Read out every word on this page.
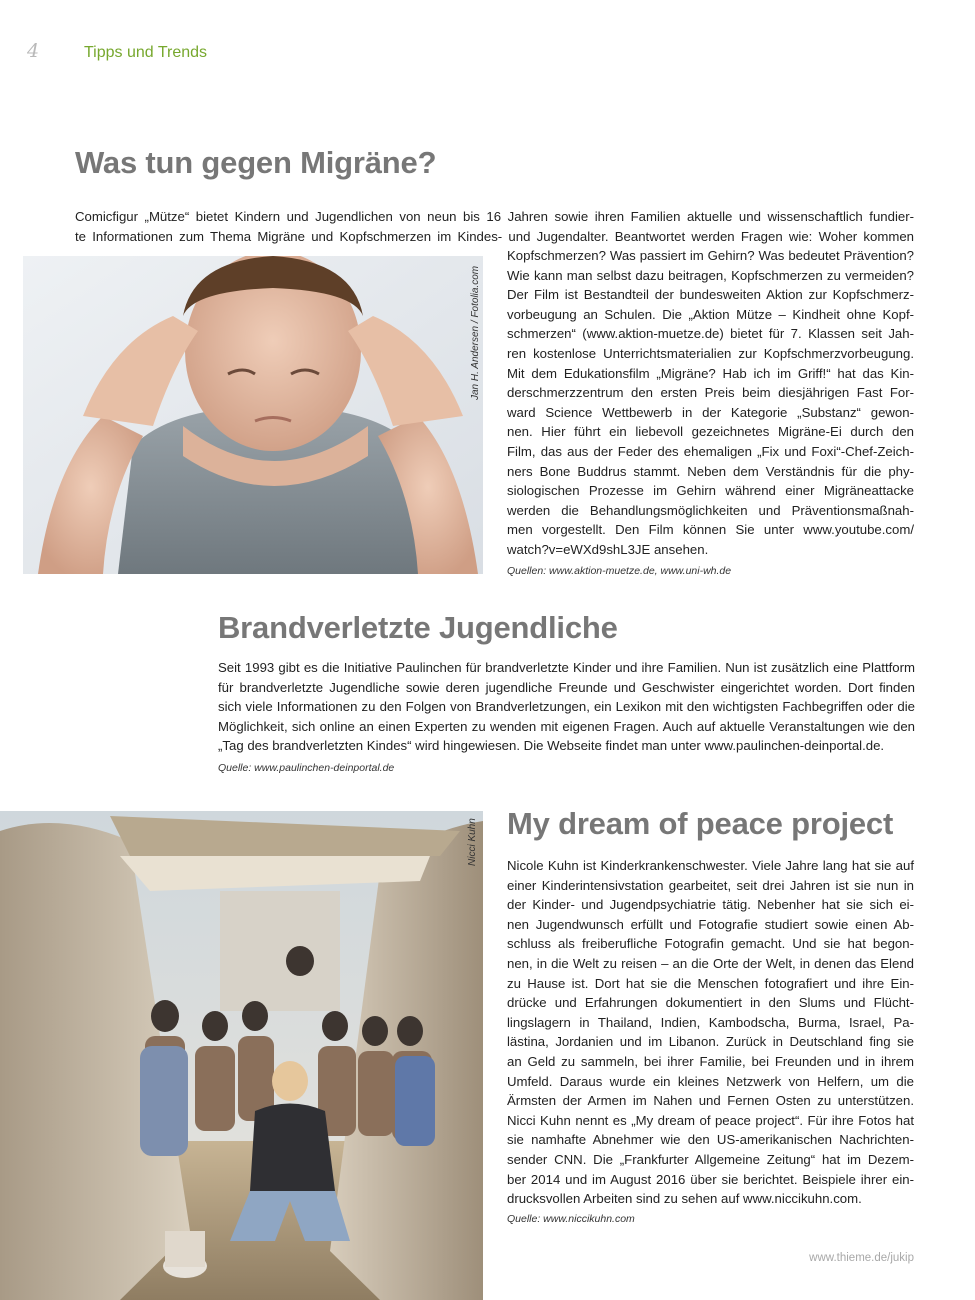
4	Tipps und Trends
Was tun gegen Migräne?

Comicfigur „Mütze“ bietet Kindern und Jugendlichen von neun bis 16 Jahren sowie ihren Familien aktuelle und wissenschaftlich fundier-

te Informationen zum Thema Migräne und Kopfschmerzen im Kindes- und Jugendalter. Beantwortet werden Fragen wie: Woher kommen

Jan H. Andersen / Fotolia.com

Kopfschmerzen? Was passiert im Gehirn? Was bedeutet Prävention?

Wie kann man selbst dazu beitragen, Kopfschmerzen zu vermeiden?

Der Film ist Bestandteil der bundesweiten Aktion zur Kopfschmerz-

vorbeugung an Schulen. Die „Aktion Mütze – Kindheit ohne Kopf-

schmerzen“ (www.aktion-muetze.de) bietet für 7. Klassen seit Jah-

ren kostenlose Unterrichtsmaterialien zur Kopfschmerzvorbeugung.

Mit dem Edukationsfilm „Migräne? Hab ich im Griff!“ hat das Kin-

derschmerzzentrum den ersten Preis beim diesjährigen Fast For-

ward Science Wettbewerb in der Kategorie „Substanz“ gewon-

nen. Hier führt ein liebevoll gezeichnetes Migräne-Ei durch den

Film, das aus der Feder des ehemaligen „Fix und Foxi“-Chef-Zeich-

ners Bone Buddrus stammt. Neben dem Verständnis für die phy-

siologischen Prozesse im Gehirn während einer Migräneattacke

werden die Behandlungsmöglichkeiten und Präventionsmaßnah-

men vorgestellt. Den Film können Sie unter www.youtube.com/

watch?v=eWXd9shL3JE ansehen.

Quellen: www.aktion-muetze.de, www.uni-wh.de
Brandverletzte Jugendliche

Seit 1993 gibt es die Initiative Paulinchen für brandverletzte Kinder und ihre Familien. Nun ist zusätzlich eine Plattform

für brandverletzte Jugendliche sowie deren jugendliche Freunde und Geschwister eingerichtet worden. Dort finden

sich viele Informationen zu den Folgen von Brandverletzungen, ein Lexikon mit den wichtigsten Fachbegriffen oder die

Möglichkeit, sich online an einen Experten zu wenden mit eigenen Fragen. Auch auf aktuelle Veranstaltungen wie den

„Tag des brandverletzten Kindes“ wird hingewiesen. Die Webseite findet man unter www.paulinchen-deinportal.de.

Quelle: www.paulinchen-deinportal.de
Nicci Kuhn My dream of peace project

Nicole Kuhn ist Kinderkrankenschwester. Viele Jahre lang hat sie auf

einer Kinderintensivstation gearbeitet, seit drei Jahren ist sie nun in

der Kinder- und Jugendpsychiatrie tätig. Nebenher hat sie sich ei-

nen Jugendwunsch erfüllt und Fotografie studiert sowie einen Ab-

schluss als freiberufliche Fotografin gemacht. Und sie hat begon-

nen, in die Welt zu reisen – an die Orte der Welt, in denen das Elend

zu Hause ist. Dort hat sie die Menschen fotografiert und ihre Ein-

drücke und Erfahrungen dokumentiert in den Slums und Flücht-

lingslagern in Thailand, Indien, Kambodscha, Burma, Israel, Pa-

lästina, Jordanien und im Libanon. Zurück in Deutschland fing sie

an Geld zu sammeln, bei ihrer Familie, bei Freunden und in ihrem

Umfeld. Daraus wurde ein kleines Netzwerk von Helfern, um die

Ärmsten der Armen im Nahen und Fernen Osten zu unterstützen.

Nicci Kuhn nennt es „My dream of peace project“. Für ihre Fotos hat

sie namhafte Abnehmer wie den US-amerikanischen Nachrichten-

sender CNN. Die „Frankfurter Allgemeine Zeitung“ hat im Dezem-

ber 2014 und im August 2016 über sie berichtet. Beispiele ihrer ein-

drucksvollen Arbeiten sind zu sehen auf www.niccikuhn.com.

Quelle: www.niccikuhn.com
www.thieme.de/jukip
